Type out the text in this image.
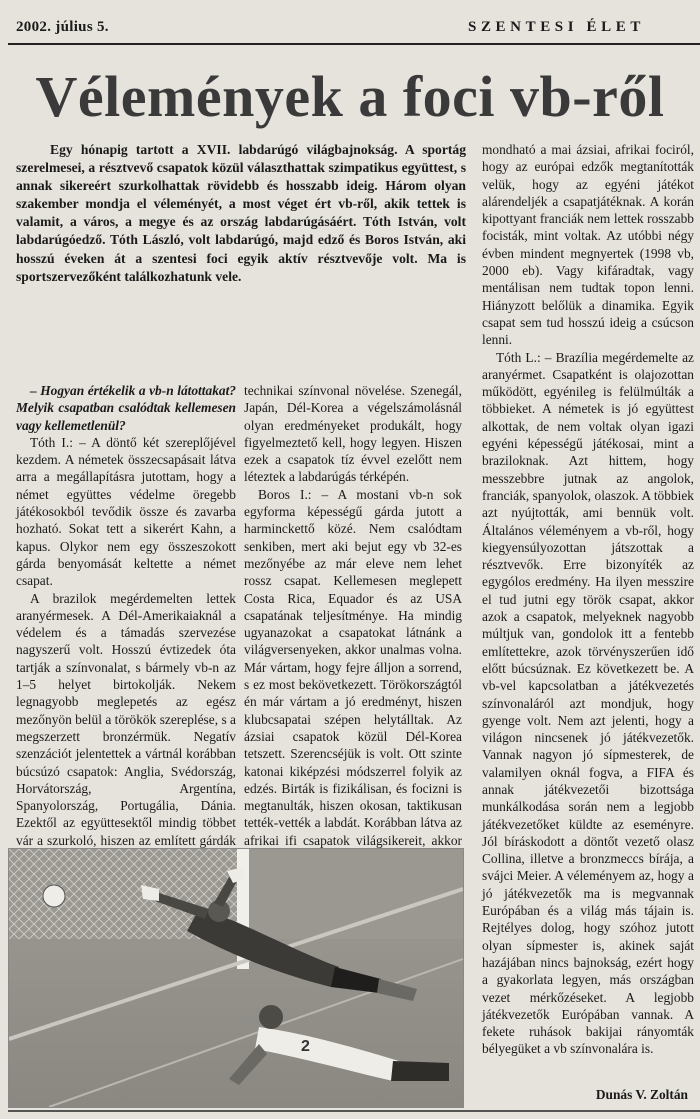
2002. július 5.	SZENTESI ÉLET
Vélemények a foci vb-ről
Egy hónapig tartott a XVII. labdarúgó világbajnokság. A sportág szerelmesei, a résztvevő csapatok közül választhattak szimpatikus együttest, s annak sikereért szurkolhattak rövidebb és hosszabb ideig. Három olyan szakember mondja el véleményét, a most véget ért vb-ről, akik tettek is valamit, a város, a megye és az ország labdarúgásáért. Tóth István, volt labdarúgóedző. Tóth László, volt labdarúgó, majd edző és Boros István, aki hosszú éveken át a szentesi foci egyik aktív résztvevője volt. Ma is sportszervezőként találkozhatunk vele.

– Hogyan értékelik a vb-n látottakat? Melyik csapatban csalódtak kellemesen vagy kellemetlenül?

Tóth I.: – A döntő két szereplőjével kezdem. A németek összecsapásait látva arra a megállapításra jutottam, hogy a német együttes védelme öregebb játékosokból tevődik össze és zavarba hozható. Sokat tett a sikerért Kahn, a kapus. Olykor nem egy összeszokott gárda benyomását keltette a német csapat.

A brazilok megérdemelten lettek aranyérmesek. A Dél-Amerikaiaknál a védelem és a támadás szervezése nagyszerű volt. Hosszú évtizedek óta tartják a színvonalat, s bármely vb-n az 1–5 helyet birtokolják. Nekem legnagyobb meglepetés az egész mezőnyön belül a törökök szereplése, s a megszerzett bronzérmük. Negatív szenzációt jelentettek a vártnál korábban búcsúzó csapatok: Anglia, Svédország, Horvátország, Argentína, Spanyolország, Portugália, Dánia. Ezektől az együttesektől mindig többet vár a szurkoló, hiszen az említett gárdák

technikai színvonal növelése. Szenegál, Japán, Dél-Korea a végelszámolásnál olyan eredményeket produkált, hogy figyelmeztető kell, hogy legyen. Hiszen ezek a csapatok tíz évvel ezelőtt nem léteztek a labdarúgás térképén.

Boros I.: – A mostani vb-n sok egyforma képességű gárda jutott a harminckettő közé. Nem csalódtam senkiben, mert aki bejut egy vb 32-es mezőnyébe az már eleve nem lehet rossz csapat. Kellemesen meglepett Costa Rica, Equador és az USA csapatának teljesítménye. Ha mindig ugyanazokat a csapatokat látnánk a világversenyeken, akkor unalmas volna. Már vártam, hogy fejre álljon a sorrend, s ez most bekövetkezett. Törökországtól én már vártam a jó eredményt, hiszen klubcsapatai szépen helytálltak. Az ázsiai csapatok közül Dél-Korea tetszett. Szerencséjük is volt. Ott szinte katonai kiképzési módszerrel folyik az edzés. Birták is fizikálisan, és focizni is megtanulták, hiszen okosan, taktikusan tették-vették a labdát. Korábban látva az afrikai ifi csapatok világsikereit, akkor

mondható a mai ázsiai, afrikai fociról, hogy az európai edzők megtanították velük, hogy az egyéni játékot alárendeljék a csapatjátéknak. A korán kipottyant franciák nem lettek rosszabb focisták, mint voltak. Az utóbbi négy évben mindent megnyertek (1998 vb, 2000 eb). Vagy kifáradtak, vagy mentálisan nem tudtak topon lenni. Hiányzott belőlük a dinamika. Egyik csapat sem tud hosszú ideig a csúcson lenni.

Tóth L.: – Brazília megérdemelte az aranyérmet. Csapatként is olajozottan működött, egyénileg is felülmúlták a többieket. A németek is jó együttest alkottak, de nem voltak olyan igazi egyéni képességű játékosai, mint a braziloknak. Azt hittem, hogy messzebbre jutnak az angolok, franciák, spanyolok, olaszok. A többiek azt nyújtották, ami bennük volt. Általános véleményem a vb-ről, hogy kiegyensúlyozottan játszottak a résztvevők. Erre bizonyíték az egygólos eredmény. Ha ilyen messzire el tud jutni egy török csapat, akkor azok a csapatok, melyeknek nagyobb múltjuk van, gondolok itt a fentebb említettekre, azok törvényszerűen idő előtt búcsúznak. Ez következett be. A vb-vel kapcsolatban a játékvezetés színvonaláról azt mondjuk, hogy gyenge volt. Nem azt jelenti, hogy a világon nincsenek jó játékvezetők. Vannak nagyon jó sípmesterek, de valamilyen oknál fogva, a FIFA és annak játékvezetői bizottsága munkálkodása során nem a legjobb játékvezetőket küldte az eseményre. Jól bíráskodott a döntőt vezető olasz Collina, illetve a bronzmeccs bírája, a svájci Meier. A véleményem az, hogy a jó játékvezetők ma is megvannak Európában és a világ más tájain is. Rejtélyes dolog, hogy szóhoz jutott olyan sípmester is, akinek saját hazájában nincs bajnokság, ezért hogy a gyakorlata legyen, más országban vezet mérkőzéseket. A legjobb játékvezetők Európában vannak. A fekete ruhások bakijai rányomták bélyegüket a vb színvonalára is.

2
Dunás V. Zoltán
